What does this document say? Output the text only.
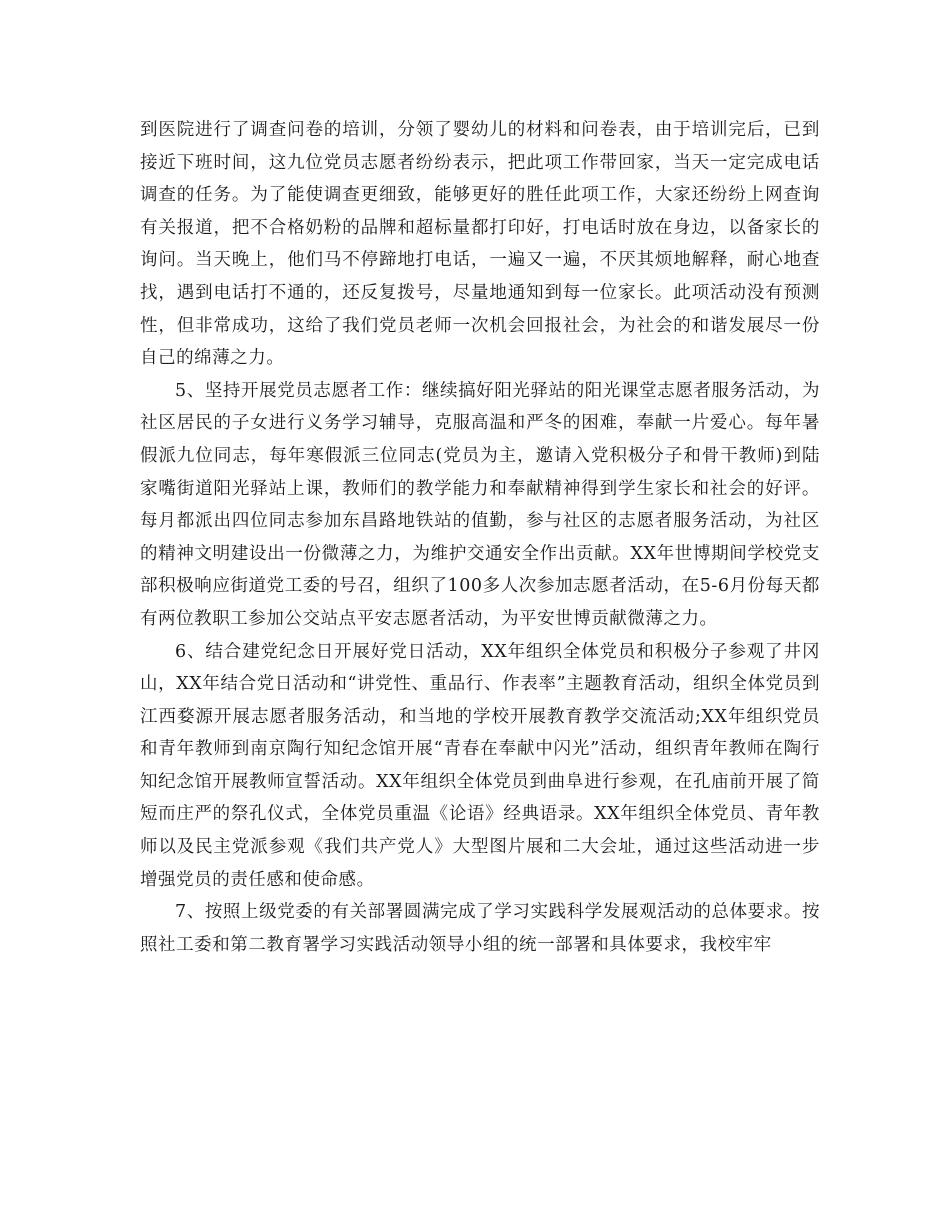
到医院进行了调查问卷的培训，分领了婴幼儿的材料和问卷表，由于培训完后，已到接近下班时间，这九位党员志愿者纷纷表示，把此项工作带回家，当天一定完成电话调查的任务。为了能使调查更细致，能够更好的胜任此项工作，大家还纷纷上网查询有关报道，把不合格奶粉的品牌和超标量都打印好，打电话时放在身边，以备家长的询问。当天晚上，他们马不停蹄地打电话，一遍又一遍，不厌其烦地解释，耐心地查找，遇到电话打不通的，还反复拨号，尽量地通知到每一位家长。此项活动没有预测性，但非常成功，这给了我们党员老师一次机会回报社会，为社会的和谐发展尽一份自己的绵薄之力。

5、坚持开展党员志愿者工作：继续搞好阳光驿站的阳光课堂志愿者服务活动，为社区居民的子女进行义务学习辅导，克服高温和严冬的困难，奉献一片爱心。每年暑假派九位同志，每年寒假派三位同志(党员为主，邀请入党积极分子和骨干教师)到陆家嘴街道阳光驿站上课，教师们的教学能力和奉献精神得到学生家长和社会的好评。每月都派出四位同志参加东昌路地铁站的值勤，参与社区的志愿者服务活动，为社区的精神文明建设出一份微薄之力，为维护交通安全作出贡献。XX年世博期间学校党支部积极响应街道党工委的号召，组织了100多人次参加志愿者活动，在5-6月份每天都有两位教职工参加公交站点平安志愿者活动，为平安世博贡献微薄之力。

6、结合建党纪念日开展好党日活动，XX年组织全体党员和积极分子参观了井冈山，XX年结合党日活动和“讲党性、重品行、作表率”主题教育活动，组织全体党员到江西婺源开展志愿者服务活动，和当地的学校开展教育教学交流活动;XX年组织党员和青年教师到南京陶行知纪念馆开展“青春在奉献中闪光”活动，组织青年教师在陶行知纪念馆开展教师宣誓活动。XX年组织全体党员到曲阜进行参观，在孔庙前开展了简短而庄严的祭孔仪式，全体党员重温《论语》经典语录。XX年组织全体党员、青年教师以及民主党派参观《我们共产党人》大型图片展和二大会址，通过这些活动进一步增强党员的责任感和使命感。

7、按照上级党委的有关部署圆满完成了学习实践科学发展观活动的总体要求。按照社工委和第二教育署学习实践活动领导小组的统一部署和具体要求，我校牢牢
